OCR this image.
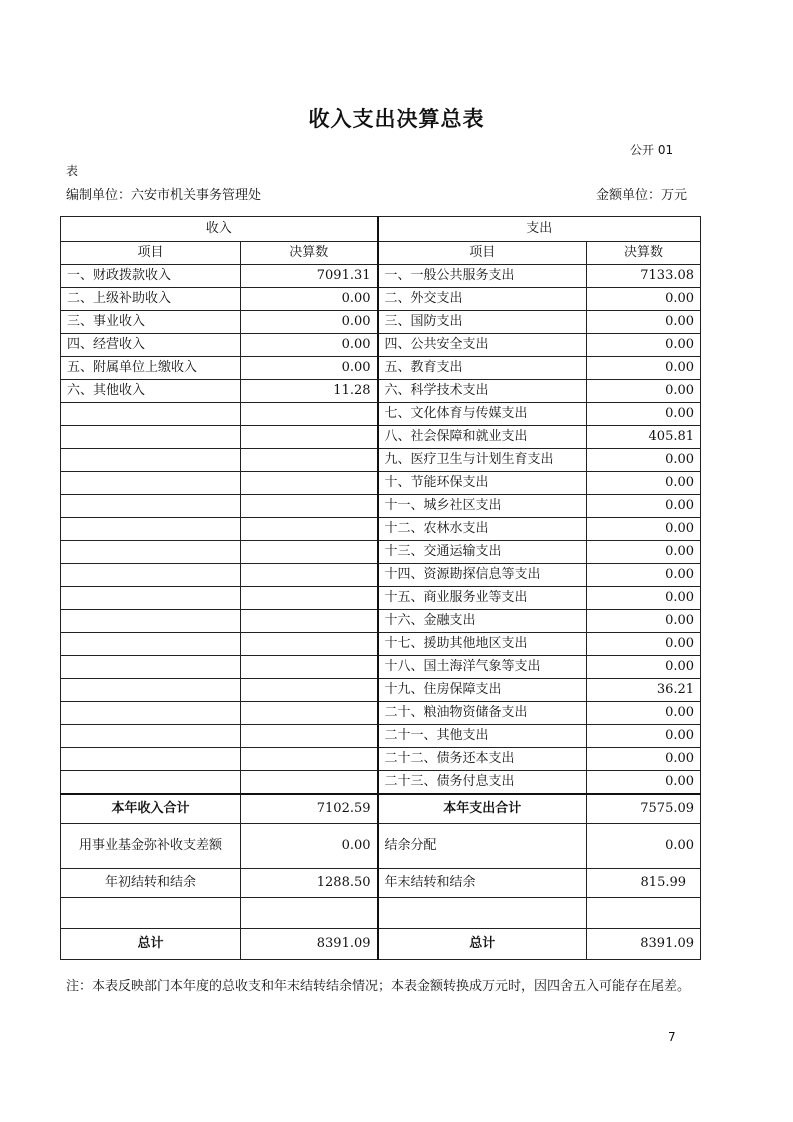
收入支出决算总表
公开 01
表
编制单位：六安市机关事务管理处	金额单位：万元
收入		支出	
项目	决算数	项目	决算数
一、财政拨款收入	7091.31	一、一般公共服务支出	7133.08
二、上级补助收入	0.00	二、外交支出	0.00
三、事业收入	0.00	三、国防支出	0.00
四、经营收入	0.00	四、公共安全支出	0.00
五、附属单位上缴收入	0.00	五、教育支出	0.00
六、其他收入	11.28	六、科学技术支出	0.00
		七、文化体育与传媒支出	0.00
		八、社会保障和就业支出	405.81
		九、医疗卫生与计划生育支出	0.00
		十、节能环保支出	0.00
		十一、城乡社区支出	0.00
		十二、农林水支出	0.00
		十三、交通运输支出	0.00
		十四、资源勘探信息等支出	0.00
		十五、商业服务业等支出	0.00
		十六、金融支出	0.00
		十七、援助其他地区支出	0.00
		十八、国土海洋气象等支出	0.00
		十九、住房保障支出	36.21
		二十、粮油物资储备支出	0.00
		二十一、其他支出	0.00
		二十二、债务还本支出	0.00
		二十三、债务付息支出	0.00
本年收入合计	7102.59	本年支出合计	7575.09
用事业基金弥补收支差额	0.00	结余分配	0.00
年初结转和结余	1288.50	年末结转和结余	815.99

总计	8391.09	总计	8391.09
注：本表反映部门本年度的总收支和年末结转结余情况；本表金额转换成万元时，因四舍五入可能存在尾差。
7
